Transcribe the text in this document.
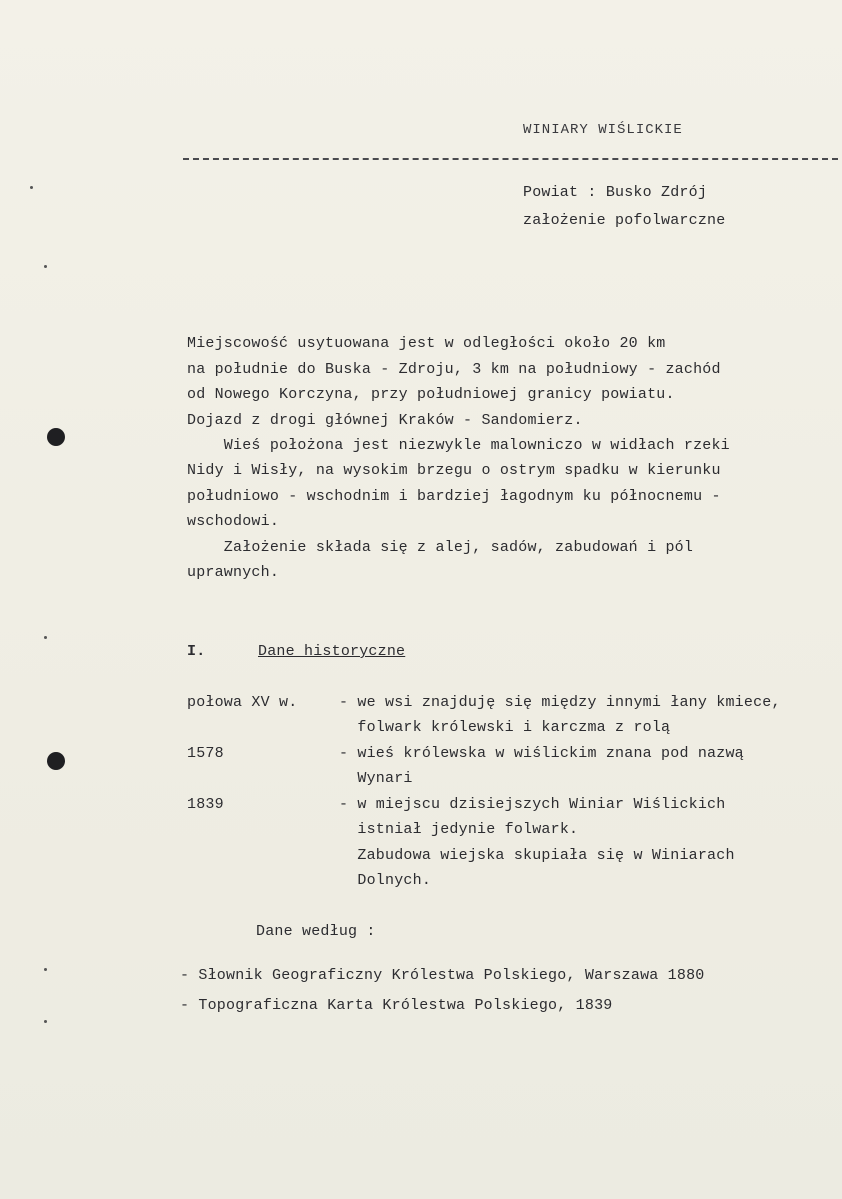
WINIARY WIŚLICKIE
Powiat : Busko Zdrój
założenie pofolwarczne
Miejscowość usytuowana jest w odległości około 20 km
na południe do Buska - Zdroju, 3 km na południowy - zachód
od Nowego Korczyna, przy południowej granicy powiatu.
Dojazd z drogi głównej Kraków - Sandomierz.
Wieś położona jest niezwykle malowniczo w widłach rzeki
Nidy i Wisły, na wysokim brzegu o ostrym spadku w kierunku
południowo - wschodnim i bardziej łagodnym ku północnemu -
wschodowi.
Założenie składa się z alej, sadów, zabudowań i pól
uprawnych.
I.	Dane historyczne
połowa XV w.	- we wsi znajduję się między innymi łany kmiece,
folwark królewski i karczma z rolą
1578	- wieś królewska w wiślickim znana pod nazwą
Wynari
1839	- w miejscu dzisiejszych Winiar Wiślickich
istniał jedynie folwark.
Zabudowa wiejska skupiała się w Winiarach
Dolnych.
Dane według :
- Słownik Geograficzny Królestwa Polskiego, Warszawa 1880
- Topograficzna Karta Królestwa Polskiego, 1839
